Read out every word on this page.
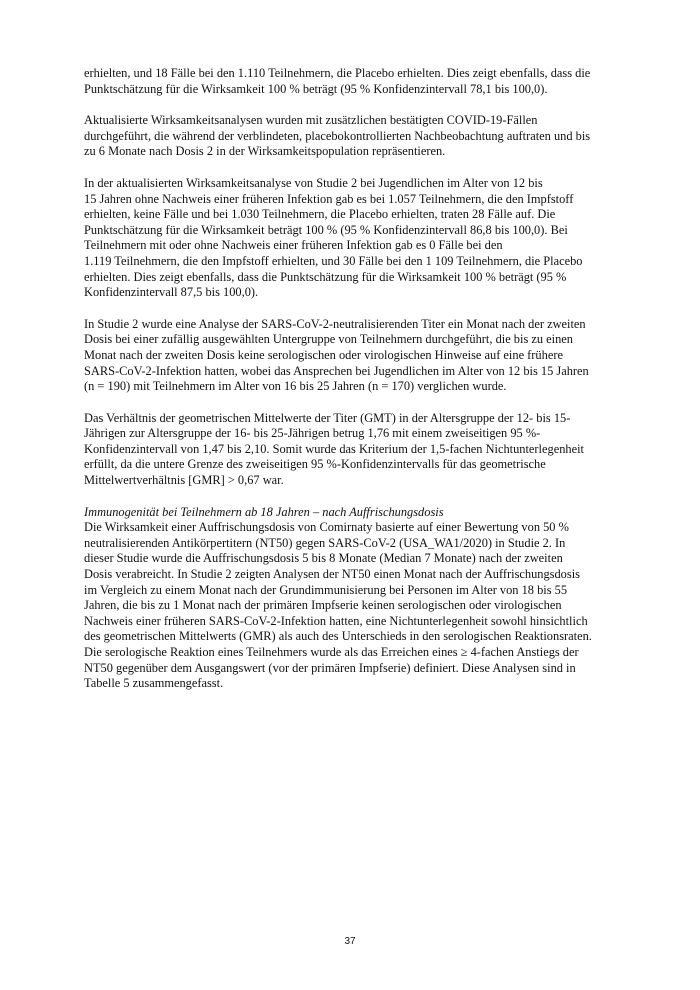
erhielten, und 18 Fälle bei den 1.110 Teilnehmern, die Placebo erhielten. Dies zeigt ebenfalls, dass die
Punktschätzung für die Wirksamkeit 100 % beträgt (95 % Konfidenzintervall 78,1 bis 100,0).
Aktualisierte Wirksamkeitsanalysen wurden mit zusätzlichen bestätigten COVID-19-Fällen
durchgeführt, die während der verblindeten, placebokontrollierten Nachbeobachtung auftraten und bis
zu 6 Monate nach Dosis 2 in der Wirksamkeitspopulation repräsentieren.
In der aktualisierten Wirksamkeitsanalyse von Studie 2 bei Jugendlichen im Alter von 12 bis
15 Jahren ohne Nachweis einer früheren Infektion gab es bei 1.057 Teilnehmern, die den Impfstoff
erhielten, keine Fälle und bei 1.030 Teilnehmern, die Placebo erhielten, traten 28 Fälle auf. Die
Punktschätzung für die Wirksamkeit beträgt 100 % (95 % Konfidenzintervall 86,8 bis 100,0). Bei
Teilnehmern mit oder ohne Nachweis einer früheren Infektion gab es 0 Fälle bei den
1.119 Teilnehmern, die den Impfstoff erhielten, und 30 Fälle bei den 1 109 Teilnehmern, die Placebo
erhielten. Dies zeigt ebenfalls, dass die Punktschätzung für die Wirksamkeit 100 % beträgt (95 %
Konfidenzintervall 87,5 bis 100,0).
In Studie 2 wurde eine Analyse der SARS-CoV-2-neutralisierenden Titer ein Monat nach der zweiten
Dosis bei einer zufällig ausgewählten Untergruppe von Teilnehmern durchgeführt, die bis zu einen
Monat nach der zweiten Dosis keine serologischen oder virologischen Hinweise auf eine frühere
SARS-CoV-2-Infektion hatten, wobei das Ansprechen bei Jugendlichen im Alter von 12 bis 15 Jahren
(n = 190) mit Teilnehmern im Alter von 16 bis 25 Jahren (n = 170) verglichen wurde.
Das Verhältnis der geometrischen Mittelwerte der Titer (GMT) in der Altersgruppe der 12- bis 15-
Jährigen zur Altersgruppe der 16- bis 25-Jährigen betrug 1,76 mit einem zweiseitigen 95 %-
Konfidenzintervall von 1,47 bis 2,10. Somit wurde das Kriterium der 1,5-fachen Nichtunterlegenheit
erfüllt, da die untere Grenze des zweiseitigen 95 %-Konfidenzintervalls für das geometrische
Mittelwertverhältnis [GMR] > 0,67 war.
Immunogenität bei Teilnehmern ab 18 Jahren – nach Auffrischungsdosis
Die Wirksamkeit einer Auffrischungsdosis von Comirnaty basierte auf einer Bewertung von 50 %
neutralisierenden Antikörpertitern (NT50) gegen SARS-CoV-2 (USA_WA1/2020) in Studie 2. In
dieser Studie wurde die Auffrischungsdosis 5 bis 8 Monate (Median 7 Monate) nach der zweiten
Dosis verabreicht. In Studie 2 zeigten Analysen der NT50 einen Monat nach der Auffrischungsdosis
im Vergleich zu einem Monat nach der Grundimmunisierung bei Personen im Alter von 18 bis 55
Jahren, die bis zu 1 Monat nach der primären Impfserie keinen serologischen oder virologischen
Nachweis einer früheren SARS-CoV-2-Infektion hatten, eine Nichtunterlegenheit sowohl hinsichtlich
des geometrischen Mittelwerts (GMR) als auch des Unterschieds in den serologischen Reaktionsraten.
Die serologische Reaktion eines Teilnehmers wurde als das Erreichen eines ≥ 4-fachen Anstiegs der
NT50 gegenüber dem Ausgangswert (vor der primären Impfserie) definiert. Diese Analysen sind in
Tabelle 5 zusammengefasst.
37
